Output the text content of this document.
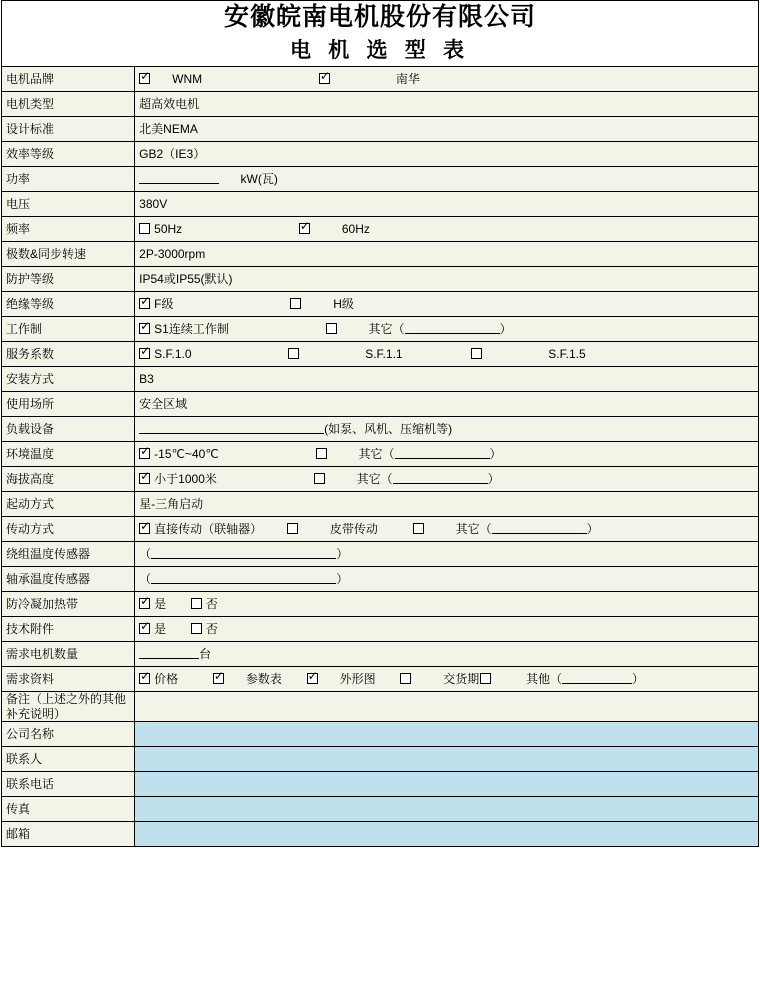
安徽皖南电机股份有限公司
电 机 选 型 表	

电机品牌	✓WNM ✓ 南华
电机类型	超高效电机
设计标准	北美NEMA
效率等级	GB2（IE3）
功率	kW(瓦)
电压	380V
频率	50Hz ✓ 60Hz
极数&同步转速	2P-3000rpm
防护等级	IP54或IP55(默认)
绝缘等级	✓F级 H级
工作制	✓S1连续工作制 其它（ ）
服务系数	✓S.F.1.0 S.F.1.1 S.F.1.5
安装方式	B3
使用场所	安全区域
负载设备	(如泵、风机、压缩机等)
环境温度	✓-15℃~40℃ 其它（ ）
海拔高度	✓小于1000米 其它（ ）
起动方式	星-三角启动
传动方式	✓直接传动（联轴器） 皮带传动 其它（ ）
绕组温度传感器	（ ）
轴承温度传感器	（ ）
防冷凝加热带	✓是 否
技术附件	✓是 否
需求电机数量	台
需求资料	✓价格 ✓ 参数表 ✓ 外形图 交货期 其他（ ）
备注（上述之外的其他补充说明）	
公司名称	
联系人	
联系电话	
传真	
邮箱	
